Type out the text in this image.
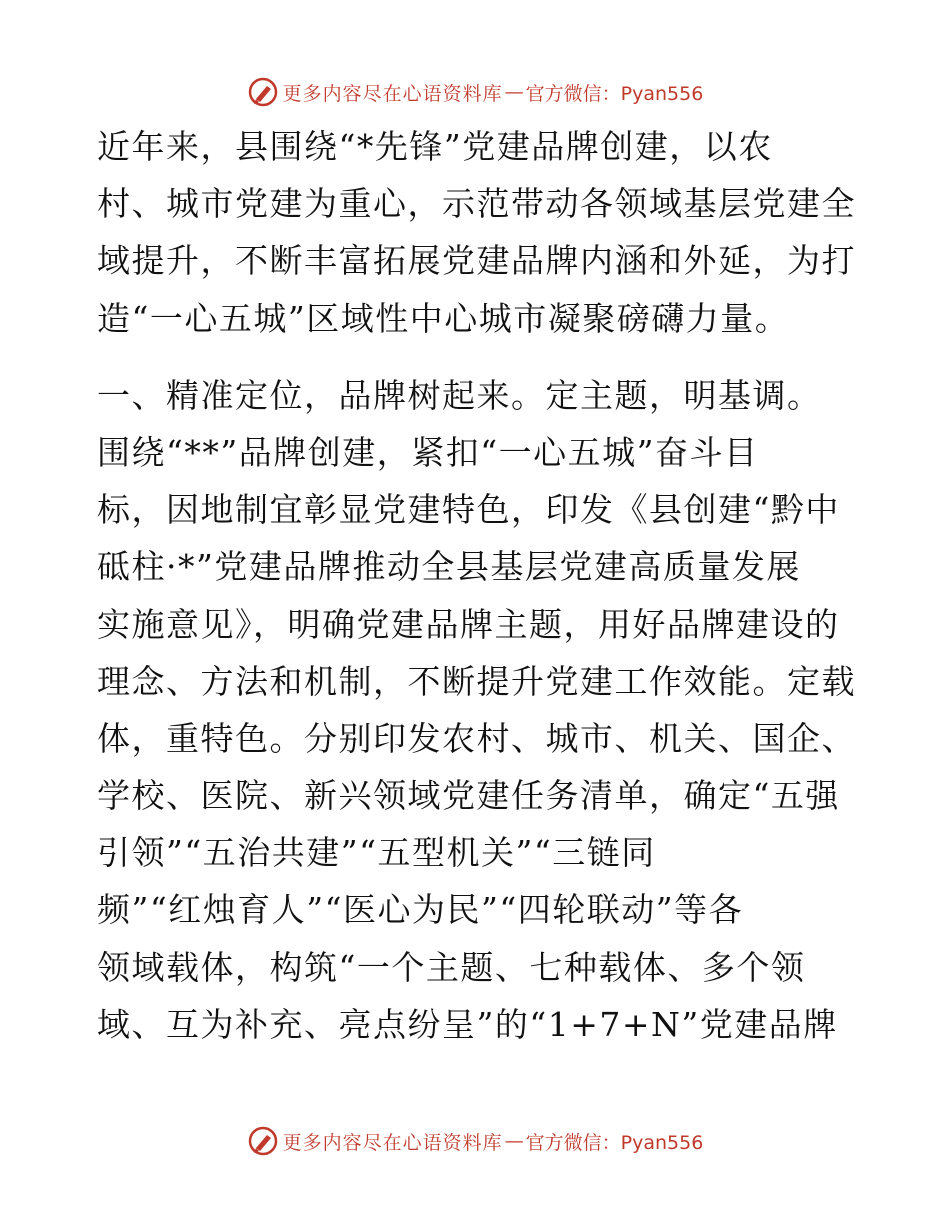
更多内容尽在心语资料库 — 官方微信：Pyan556
近年来，县围绕“*先锋”党建品牌创建，以农
村、城市党建为重心，示范带动各领域基层党建全
域提升，不断丰富拓展党建品牌内涵和外延，为打
造“一心五城”区域性中心城市凝聚磅礴力量。
一、精准定位，品牌树起来。定主题，明基调。
围绕“**”品牌创建，紧扣“一心五城”奋斗目
标，因地制宜彰显党建特色，印发《县创建“黔中
砥柱·*”党建品牌推动全县基层党建高质量发展
实施意见》，明确党建品牌主题，用好品牌建设的
理念、方法和机制，不断提升党建工作效能。定载
体，重特色。分别印发农村、城市、机关、国企、
学校、医院、新兴领域党建任务清单，确定“五强
引领”“五治共建”“五型机关”“三链同
频”“红烛育人”“医心为民”“四轮联动”等各
领域载体，构筑“一个主题、七种载体、多个领
域、互为补充、亮点纷呈”的“1+7+N”党建品牌
更多内容尽在心语资料库 — 官方微信：Pyan556
